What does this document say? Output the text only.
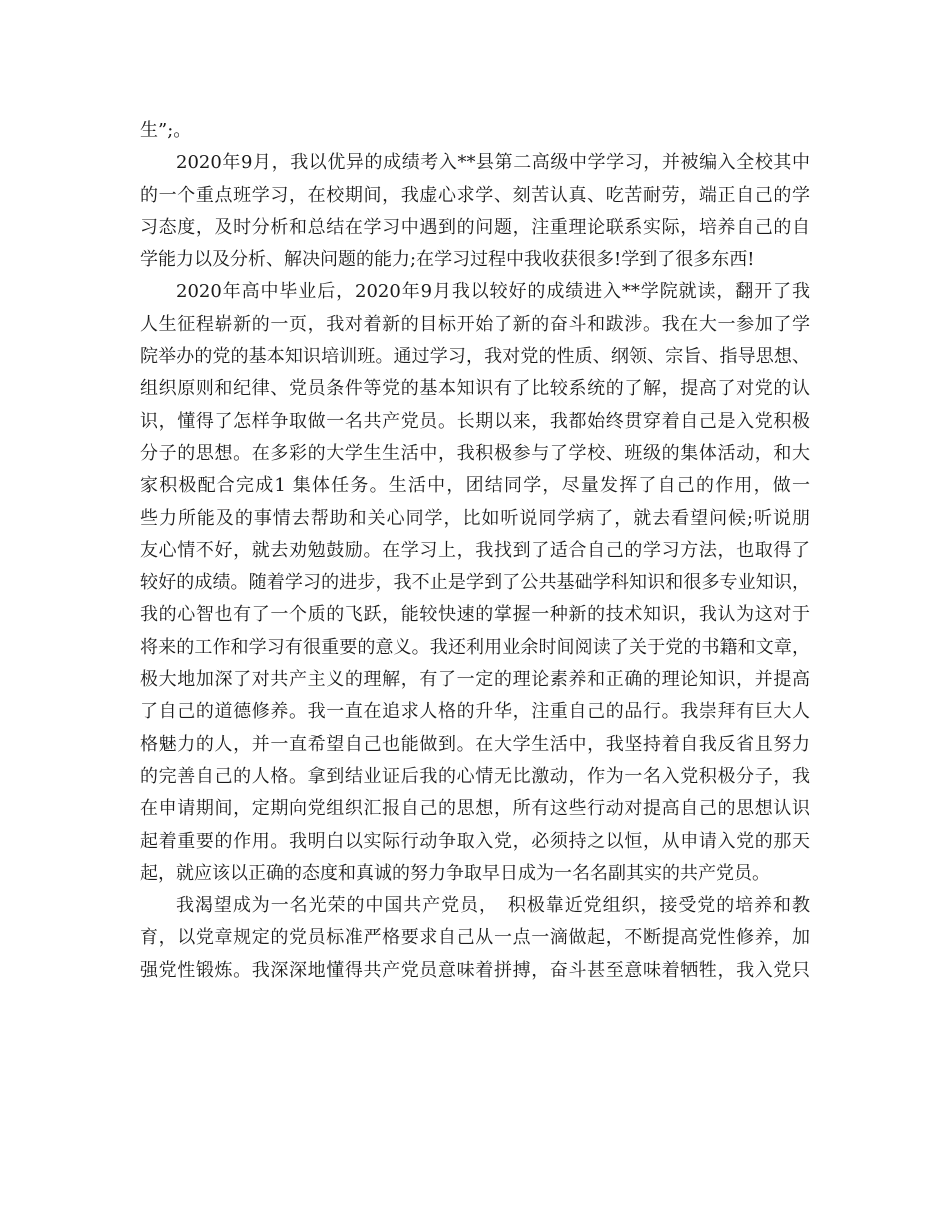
生”;。
2020年9月，我以优异的成绩考入**县第二高级中学学习，并被编入全校其中
的一个重点班学习，在校期间，我虚心求学、刻苦认真、吃苦耐劳，端正自己的学
习态度，及时分析和总结在学习中遇到的问题，注重理论联系实际，培养自己的自
学能力以及分析、解决问题的能力;在学习过程中我收获很多!学到了很多东西!
2020年高中毕业后，2020年9月我以较好的成绩进入**学院就读，翻开了我
人生征程崭新的一页，我对着新的目标开始了新的奋斗和跋涉。我在大一参加了学
院举办的党的基本知识培训班。通过学习，我对党的性质、纲领、宗旨、指导思想、
组织原则和纪律、党员条件等党的基本知识有了比较系统的了解，提高了对党的认
识，懂得了怎样争取做一名共产党员。长期以来，我都始终贯穿着自己是入党积极
分子的思想。在多彩的大学生生活中，我积极参与了学校、班级的集体活动，和大
家积极配合完成1 集体任务。生活中，团结同学，尽量发挥了自己的作用，做一
些力所能及的事情去帮助和关心同学，比如听说同学病了，就去看望问候;听说朋
友心情不好，就去劝勉鼓励。在学习上，我找到了适合自己的学习方法，也取得了
较好的成绩。随着学习的进步，我不止是学到了公共基础学科知识和很多专业知识，
我的心智也有了一个质的飞跃，能较快速的掌握一种新的技术知识，我认为这对于
将来的工作和学习有很重要的意义。我还利用业余时间阅读了关于党的书籍和文章，
极大地加深了对共产主义的理解，有了一定的理论素养和正确的理论知识，并提高
了自己的道德修养。我一直在追求人格的升华，注重自己的品行。我崇拜有巨大人
格魅力的人，并一直希望自己也能做到。在大学生活中，我坚持着自我反省且努力
的完善自己的人格。拿到结业证后我的心情无比激动，作为一名入党积极分子，我
在申请期间，定期向党组织汇报自己的思想，所有这些行动对提高自己的思想认识
起着重要的作用。我明白以实际行动争取入党，必须持之以恒，从申请入党的那天
起，就应该以正确的态度和真诚的努力争取早日成为一名名副其实的共产党员。
我渴望成为一名光荣的中国共产党员，　积极靠近党组织，接受党的培养和教
育，以党章规定的党员标准严格要求自己从一点一滴做起，不断提高党性修养，加
强党性锻炼。我深深地懂得共产党员意味着拼搏，奋斗甚至意味着牺牲，我入党只
